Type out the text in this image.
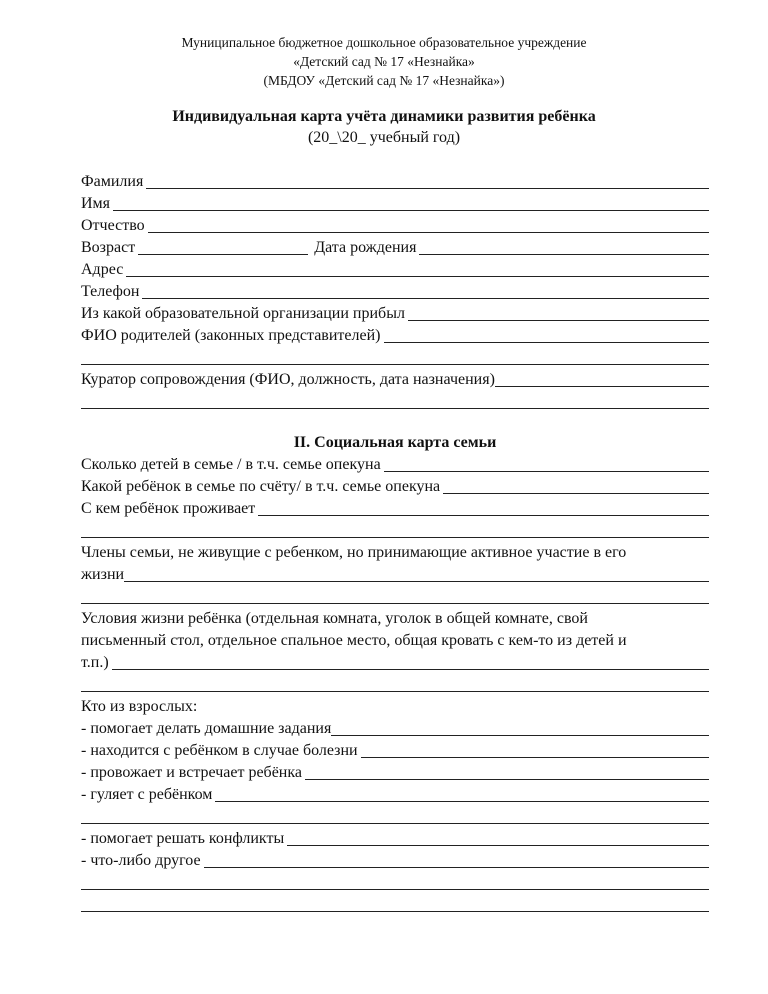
Муниципальное бюджетное дошкольное образовательное учреждение
«Детский сад № 17 «Незнайка»
(МБДОУ «Детский сад № 17 «Незнайка»)
Индивидуальная карта учёта динамики развития ребёнка
(20_\20_ учебный год)
Фамилия
Имя
Отчество
Возраст	Дата рождения
Адрес
Телефон
Из какой образовательной организации прибыл
ФИО родителей (законных представителей)
Куратор сопровождения (ФИО, должность, дата назначения)
II. Социальная карта семьи
Сколько детей в семье / в т.ч. семье опекуна
Какой ребёнок в семье по счёту/ в т.ч. семье опекуна
С кем ребёнок проживает
Члены семьи, не живущие с ребенком, но принимающие активное участие в его
жизни
Условия жизни ребёнка (отдельная комната, уголок в общей комнате, свой
письменный стол, отдельное спальное место, общая кровать с кем-то из детей и
т.п.)
Кто из взрослых:
- помогает делать домашние задания
- находится с ребёнком в случае болезни
- провожает и встречает ребёнка
- гуляет с ребёнком
- помогает решать конфликты
- что-либо другое
